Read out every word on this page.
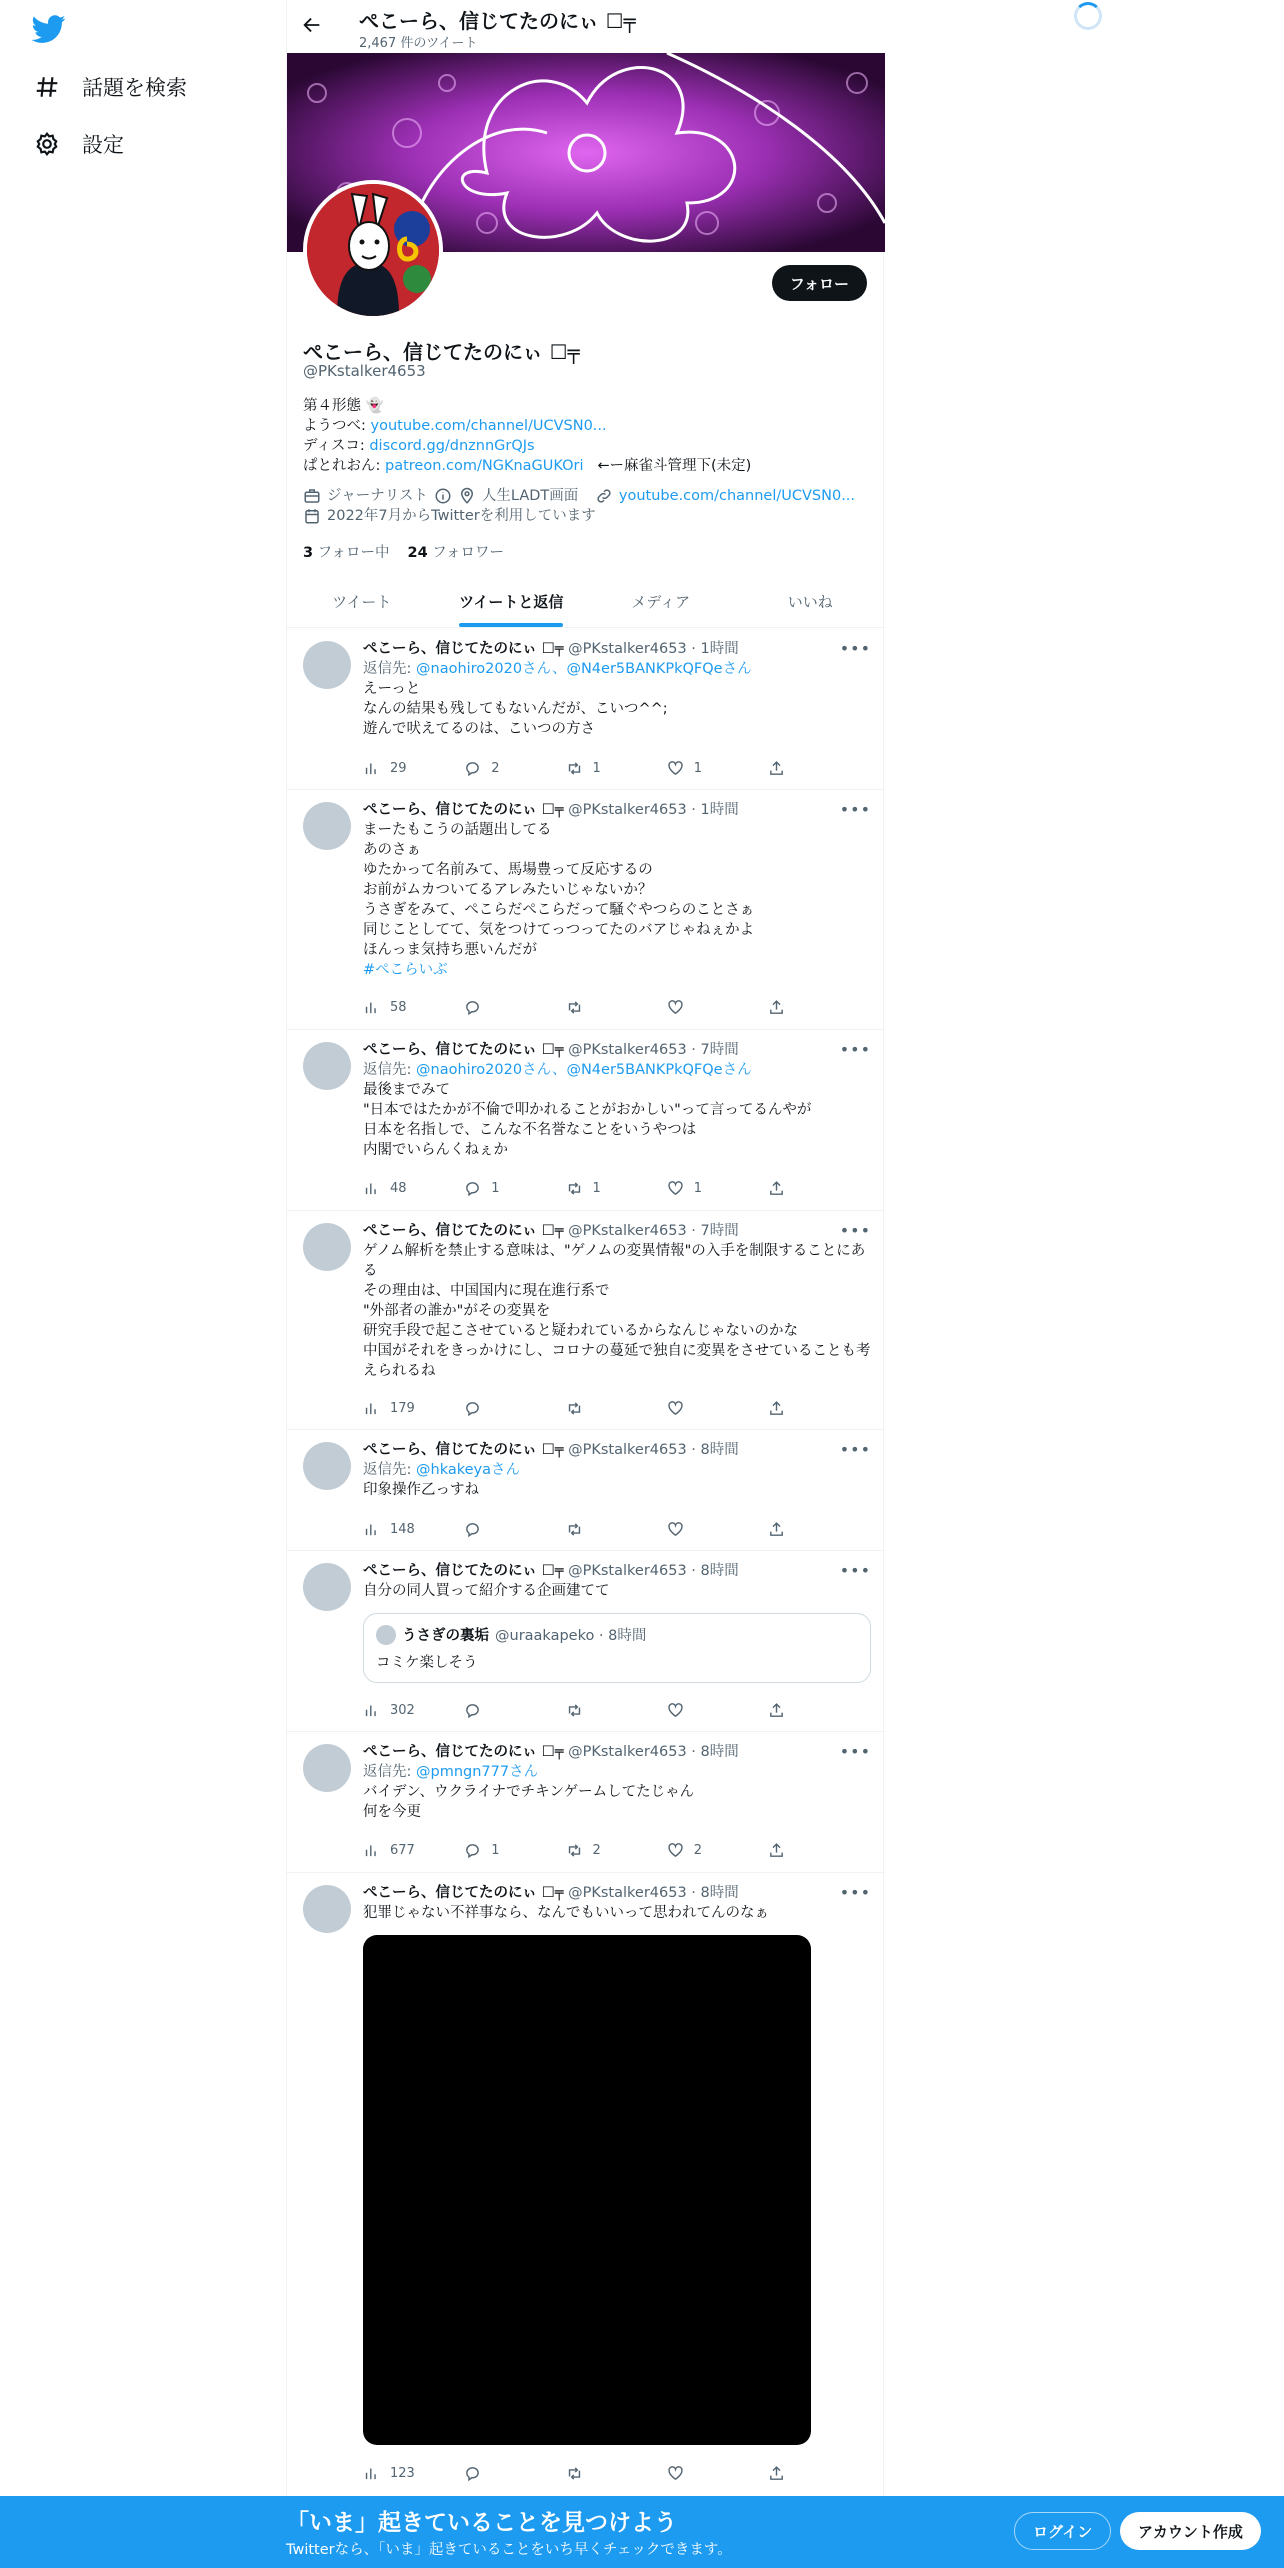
話題を検索
設定
ぺこーら、信じてたのにぃ ☐╤
2,467 件のツイート
フォロー
ぺこーら、信じてたのにぃ ☐╤
@PKstalker4653
第４形態 👻
ようつべ: youtube.com/channel/UCVSN0...
ディスコ: discord.gg/dnznnGrQJs
ぱとれおん: patreon.com/NGKnaGUKOri ←ー麻雀斗管理下(未定)
ジャーナリスト	人生LADT画面
	youtube.com/channel/UCVSN0...
2022年7月からTwitterを利用しています
3 フォロー中 24 フォロワー
ツイート	ツイートと返信	メディア	いいね
•••
ぺこーら、信じてたのにぃ ☐╤ @PKstalker4653 · 1時間
返信先: @naohiro2020さん、@N4er5BANKPkQFQeさん
えーっと
なんの結果も残してもないんだが、こいつ^^;
遊んで吠えてるのは、こいつの方さ
29	2	1	1
•••
ぺこーら、信じてたのにぃ ☐╤ @PKstalker4653 · 1時間
まーたもこうの話題出してる
あのさぁ
ゆたかって名前みて、馬場豊って反応するの
お前がムカついてるアレみたいじゃないか？
うさぎをみて、ぺこらだぺこらだって騒ぐやつらのことさぁ
同じことしてて、気をつけてっつってたのバアじゃねぇかよ
ほんっま気持ち悪いんだが
#ぺこらいぶ
58
•••
ぺこーら、信じてたのにぃ ☐╤ @PKstalker4653 · 7時間
返信先: @naohiro2020さん、@N4er5BANKPkQFQeさん
最後までみて
"日本ではたかが不倫で叩かれることがおかしい"って言ってるんやが
日本を名指しで、こんな不名誉なことをいうやつは
内閣でいらんくねぇか
48	1	1	1
•••
ぺこーら、信じてたのにぃ ☐╤ @PKstalker4653 · 7時間
ゲノム解析を禁止する意味は、"ゲノムの変異情報"の入手を制限することにある
その理由は、中国国内に現在進行系で
"外部者の誰か"がその変異を
研究手段で起こさせていると疑われているからなんじゃないのかな
中国がそれをきっかけにし、コロナの蔓延で独自に変異をさせていることも考えられるね
179
•••
ぺこーら、信じてたのにぃ ☐╤ @PKstalker4653 · 8時間
返信先: @hkakeyaさん
印象操作乙っすね
148
•••
ぺこーら、信じてたのにぃ ☐╤ @PKstalker4653 · 8時間
自分の同人買って紹介する企画建てて
うさぎの裏垢 @uraakapeko · 8時間
コミケ楽しそう
302
•••
ぺこーら、信じてたのにぃ ☐╤ @PKstalker4653 · 8時間
返信先: @pmngn777さん
バイデン、ウクライナでチキンゲームしてたじゃん
何を今更
677	1	2	2
•••
ぺこーら、信じてたのにぃ ☐╤ @PKstalker4653 · 8時間
犯罪じゃない不祥事なら、なんでもいいって思われてんのなぁ
123
「いま」起きていることを見つけよう
Twitterなら、「いま」起きていることをいち早くチェックできます。
ログイン	アカウント作成
